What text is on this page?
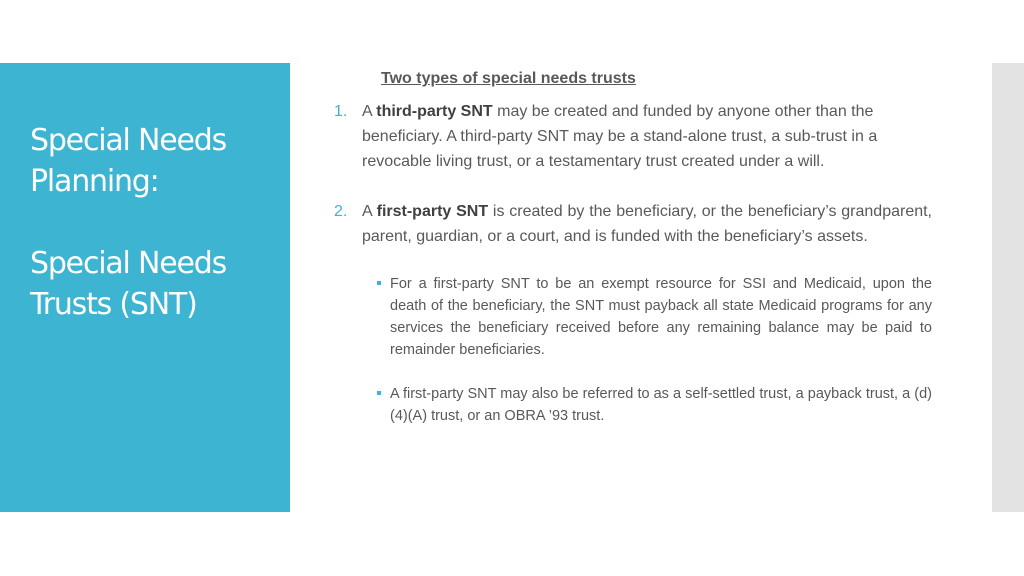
Special Needs
Planning:
Special Needs
Trusts (SNT)
Two types of special needs trusts
1. A third-party SNT may be created and funded by anyone other than the beneficiary. A third-party SNT may be a stand-alone trust, a sub-trust in a revocable living trust, or a testamentary trust created under a will.

2. A first-party SNT is created by the beneficiary, or the beneficiary’s grandparent, parent, guardian, or a court, and is funded with the beneficiary’s assets.

For a first-party SNT to be an exempt resource for SSI and Medicaid, upon the death of the beneficiary, the SNT must payback all state Medicaid programs for any services the beneficiary received before any remaining balance may be paid to remainder beneficiaries.
A first-party SNT may also be referred to as a self-settled trust, a payback trust, a (d)(4)(A) trust, or an OBRA ’93 trust.
